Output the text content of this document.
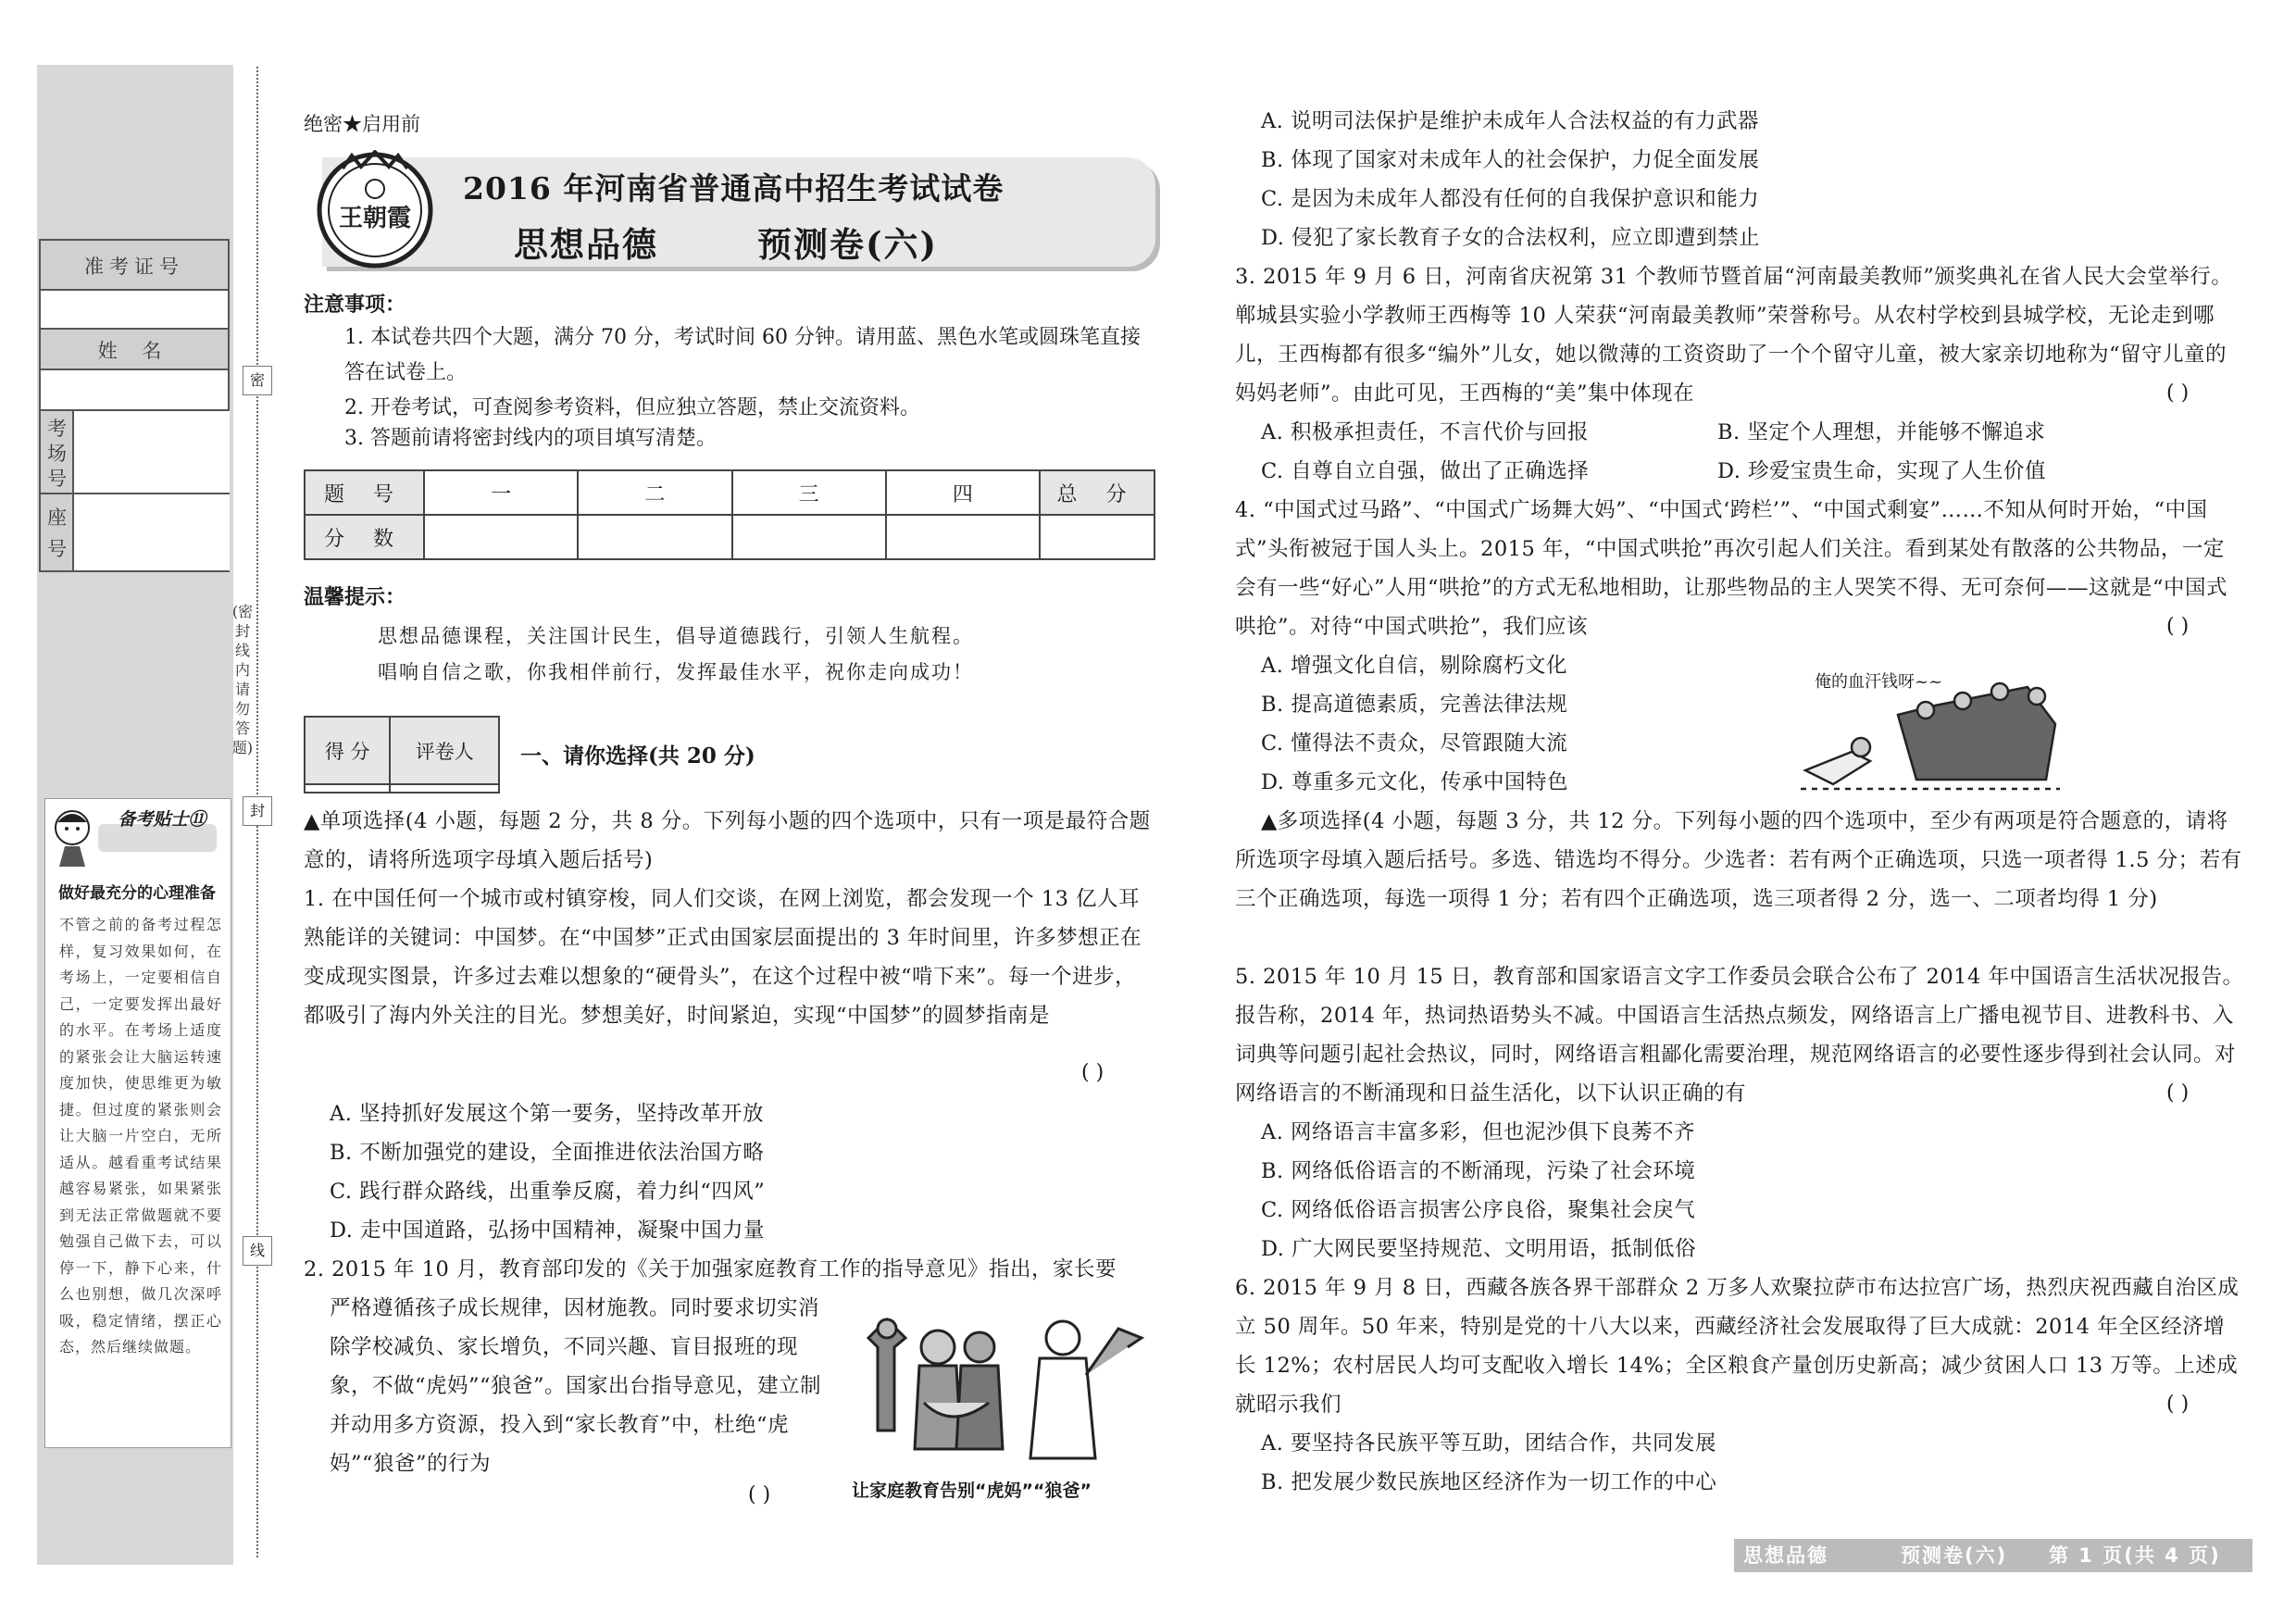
准考证号
姓 名
考场号
座号
备考贴士⑪
做好最充分的心理准备
不管之前的备考过程怎样，复习效果如何，在考场上，一定要相信自己，一定要发挥出最好的水平。在考场上适度的紧张会让大脑运转速度加快，使思维更为敏捷。但过度的紧张则会让大脑一片空白，无所适从。越看重考试结果越容易紧张，如果紧张到无法正常做题就不要勉强自己做下去，可以停一下，静下心来，什么也别想，做几次深呼吸，稳定情绪，摆正心态，然后继续做题。
密
封
线
(密封线内请勿答题)
绝密★启用前
王朝霞
2016 年河南省普通高中招生考试试卷
思想品德	预测卷(六)
注意事项：
1. 本试卷共四个大题，满分 70 分，考试时间 60 分钟。请用蓝、黑色水笔或圆珠笔直接答在试卷上。
2. 开卷考试，可查阅参考资料，但应独立答题，禁止交流资料。
3. 答题前请将密封线内的项目填写清楚。
题 号	一	二	三	四	总 分
分 数					
温馨提示：
思想品德课程，关注国计民生，倡导道德践行，引领人生航程。
唱响自信之歌，你我相伴前行，发挥最佳水平，祝你走向成功！
得 分	评卷人
	一、请你选择(共 20 分)
▲单项选择(4 小题，每题 2 分，共 8 分。下列每小题的四个选项中，只有一项是最符合题意的，请将所选项字母填入题后括号)
1. 在中国任何一个城市或村镇穿梭，同人们交谈，在网上浏览，都会发现一个 13 亿人耳熟能详的关键词：中国梦。在“中国梦”正式由国家层面提出的 3 年时间里，许多梦想正在变成现实图景，许多过去难以想象的“硬骨头”，在这个过程中被“啃下来”。每一个进步，都吸引了海内外关注的目光。梦想美好，时间紧迫，实现“中国梦”的圆梦指南是
( )
A. 坚持抓好发展这个第一要务，坚持改革开放
B. 不断加强党的建设，全面推进依法治国方略
C. 践行群众路线，出重拳反腐，着力纠“四风”
D. 走中国道路，弘扬中国精神，凝聚中国力量
2. 2015 年 10 月，教育部印发的《关于加强家庭教育工作的指导意见》指出，家长要
严格遵循孩子成长规律，因材施教。同时要求切实消除学校减负、家长增负，不同兴趣、盲目报班的现象，不做“虎妈”“狼爸”。国家出台指导意见，建立制并动用多方资源，投入到“家长教育”中，杜绝“虎妈”“狼爸”的行为
( )	让家庭教育告别“虎妈”“狼爸”
A. 说明司法保护是维护未成年人合法权益的有力武器
B. 体现了国家对未成年人的社会保护，力促全面发展
C. 是因为未成年人都没有任何的自我保护意识和能力
D. 侵犯了家长教育子女的合法权利，应立即遭到禁止
3. 2015 年 9 月 6 日，河南省庆祝第 31 个教师节暨首届“河南最美教师”颁奖典礼在省人民大会堂举行。郸城县实验小学教师王西梅等 10 人荣获“河南最美教师”荣誉称号。从农村学校到县城学校，无论走到哪儿，王西梅都有很多“编外”儿女，她以微薄的工资资助了一个个留守儿童，被大家亲切地称为“留守儿童的妈妈老师”。由此可见，王西梅的“美”集中体现在	( )
A. 积极承担责任，不言代价与回报	B. 坚定个人理想，并能够不懈追求
C. 自尊自立自强，做出了正确选择	D. 珍爱宝贵生命，实现了人生价值
4. “中国式过马路”、“中国式广场舞大妈”、“中国式‘跨栏’”、“中国式剩宴”……不知从何时开始，“中国式”头衔被冠于国人头上。2015 年，“中国式哄抢”再次引起人们关注。看到某处有散落的公共物品，一定会有一些“好心”人用“哄抢”的方式无私地相助，让那些物品的主人哭笑不得、无可奈何——这就是“中国式哄抢”。对待“中国式哄抢”，我们应该	( )
A. 增强文化自信，剔除腐朽文化
B. 提高道德素质，完善法律法规
C. 懂得法不责众，尽管跟随大流
D. 尊重多元文化，传承中国特色
俺的血汗钱呀~~
▲多项选择(4 小题，每题 3 分，共 12 分。下列每小题的四个选项中，至少有两项是符合题意的，请将所选项字母填入题后括号。多选、错选均不得分。少选者：若有两个正确选项，只选一项者得 1.5 分；若有三个正确选项，每选一项得 1 分；若有四个正确选项，选三项者得 2 分，选一、二项者均得 1 分)
5. 2015 年 10 月 15 日，教育部和国家语言文字工作委员会联合公布了 2014 年中国语言生活状况报告。报告称，2014 年，热词热语势头不减。中国语言生活热点频发，网络语言上广播电视节目、进教科书、入词典等问题引起社会热议，同时，网络语言粗鄙化需要治理，规范网络语言的必要性逐步得到社会认同。对网络语言的不断涌现和日益生活化，以下认识正确的有	( )
A. 网络语言丰富多彩，但也泥沙俱下良莠不齐
B. 网络低俗语言的不断涌现，污染了社会环境
C. 网络低俗语言损害公序良俗，聚集社会戾气
D. 广大网民要坚持规范、文明用语，抵制低俗
6. 2015 年 9 月 8 日，西藏各族各界干部群众 2 万多人欢聚拉萨市布达拉宫广场，热烈庆祝西藏自治区成立 50 周年。50 年来，特别是党的十八大以来，西藏经济社会发展取得了巨大成就：2014 年全区经济增长 12%；农村居民人均可支配收入增长 14%；全区粮食产量创历史新高；减少贫困人口 13 万等。上述成就昭示我们	( )
A. 要坚持各民族平等互助，团结合作，共同发展
B. 把发展少数民族地区经济作为一切工作的中心
思想品德	预测卷(六) 第 1 页(共 4 页)
